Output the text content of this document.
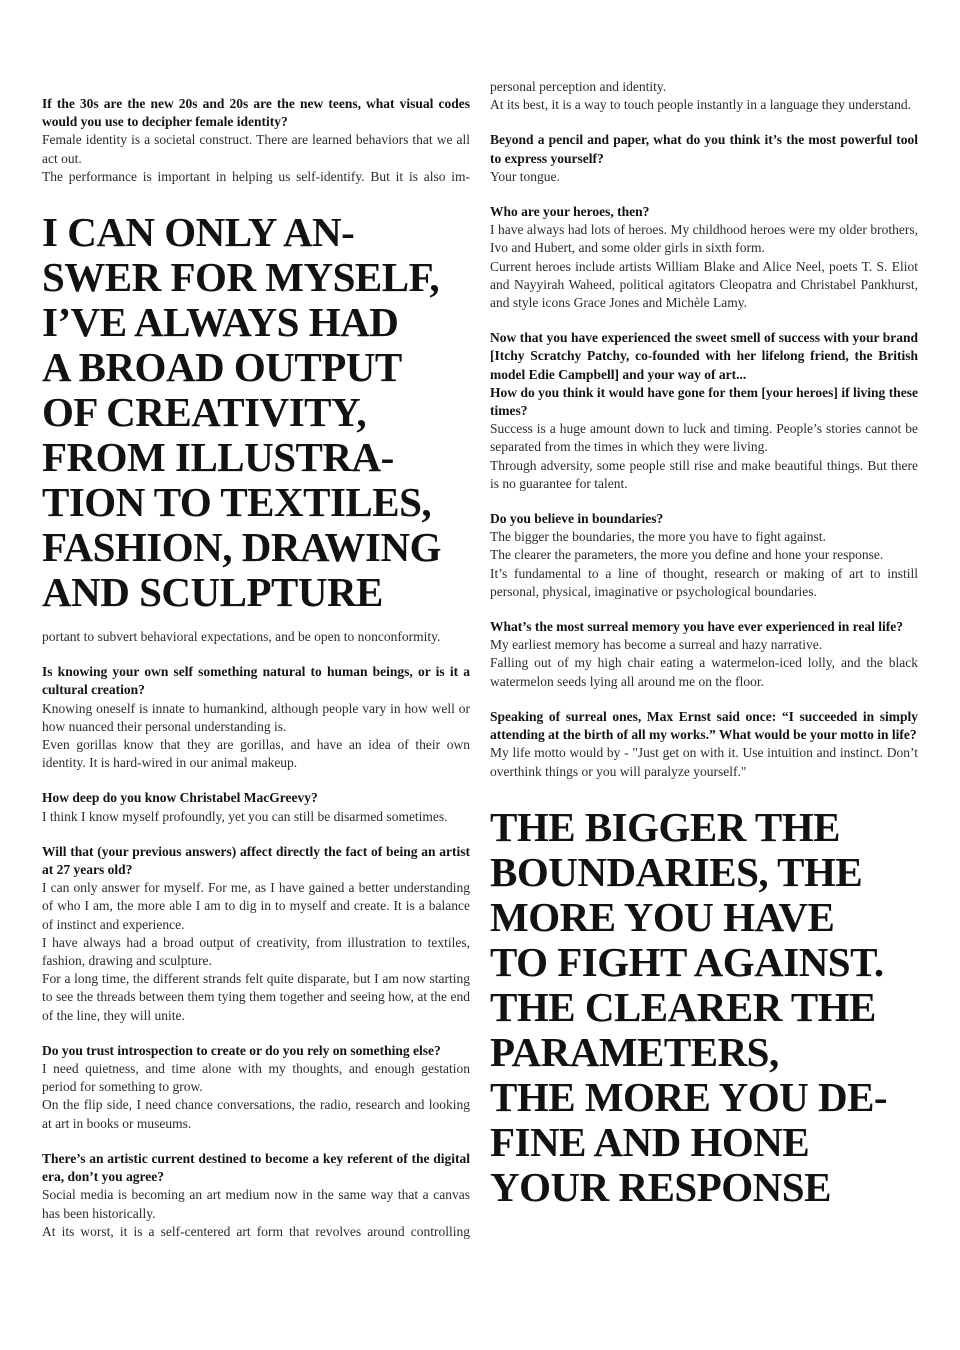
If the 30s are the new 20s and 20s are the new teens, what visual codes would you use to decipher female identity?

Female identity is a societal construct. There are learned behaviors that we all act out.

The performance is important in helping us self-identify. But it is also im-

I CAN ONLY AN-
SWER FOR MYSELF,
I’VE ALWAYS HAD
A BROAD OUTPUT
OF CREATIVITY,
FROM ILLUSTRA-
TION TO TEXTILES,
FASHION, DRAWING
AND SCULPTURE

portant to subvert behavioral expectations, and be open to nonconformity.

Is knowing your own self something natural to human beings, or is it a cultural creation?

Knowing oneself is innate to humankind, although people vary in how well or how nuanced their personal understanding is.

Even gorillas know that they are gorillas, and have an idea of their own identity. It is hard-wired in our animal makeup.

How deep do you know Christabel MacGreevy?

I think I know myself profoundly, yet you can still be disarmed sometimes.

Will that (your previous answers) affect directly the fact of being an artist at 27 years old?

I can only answer for myself. For me, as I have gained a better understanding of who I am, the more able I am to dig in to myself and create. It is a balance of instinct and experience.

I have always had a broad output of creativity, from illustration to textiles, fashion, drawing and sculpture.

For a long time, the different strands felt quite disparate, but I am now starting to see the threads between them tying them together and seeing how, at the end of the line, they will unite.

Do you trust introspection to create or do you rely on something else?

I need quietness, and time alone with my thoughts, and enough gestation period for something to grow.

On the flip side, I need chance conversations, the radio, research and looking at art in books or museums.

There’s an artistic current destined to become a key referent of the digital era, don’t you agree?

Social media is becoming an art medium now in the same way that a canvas has been historically.

At its worst, it is a self-centered art form that revolves around controlling

personal perception and identity.

At its best, it is a way to touch people instantly in a language they understand.

Beyond a pencil and paper, what do you think it’s the most powerful tool to express yourself?

Your tongue.

Who are your heroes, then?

I have always had lots of heroes. My childhood heroes were my older brothers, Ivo and Hubert, and some older girls in sixth form.

Current heroes include artists William Blake and Alice Neel, poets T. S. Eliot and Nayyirah Waheed, political agitators Cleopatra and Christabel Pankhurst, and style icons Grace Jones and Michèle Lamy.

Now that you have experienced the sweet smell of success with your brand [Itchy Scratchy Patchy, co-founded with her lifelong friend, the British model Edie Campbell] and your way of art...

How do you think it would have gone for them [your heroes] if living these times?

Success is a huge amount down to luck and timing. People’s stories cannot be separated from the times in which they were living.

Through adversity, some people still rise and make beautiful things. But there is no guarantee for talent.

Do you believe in boundaries?

The bigger the boundaries, the more you have to fight against.

The clearer the parameters, the more you define and hone your response.

It’s fundamental to a line of thought, research or making of art to instill personal, physical, imaginative or psychological boundaries.

What’s the most surreal memory you have ever experienced in real life?

My earliest memory has become a surreal and hazy narrative.

Falling out of my high chair eating a watermelon-iced lolly, and the black watermelon seeds lying all around me on the floor.

Speaking of surreal ones, Max Ernst said once: “I succeeded in simply attending at the birth of all my works.” What would be your motto in life?

My life motto would by - "Just get on with it. Use intuition and instinct. Don’t overthink things or you will paralyze yourself."

THE BIGGER THE
BOUNDARIES, THE
MORE YOU HAVE
TO FIGHT AGAINST.
THE CLEARER THE
PARAMETERS,
THE MORE YOU DE-
FINE AND HONE
YOUR RESPONSE
